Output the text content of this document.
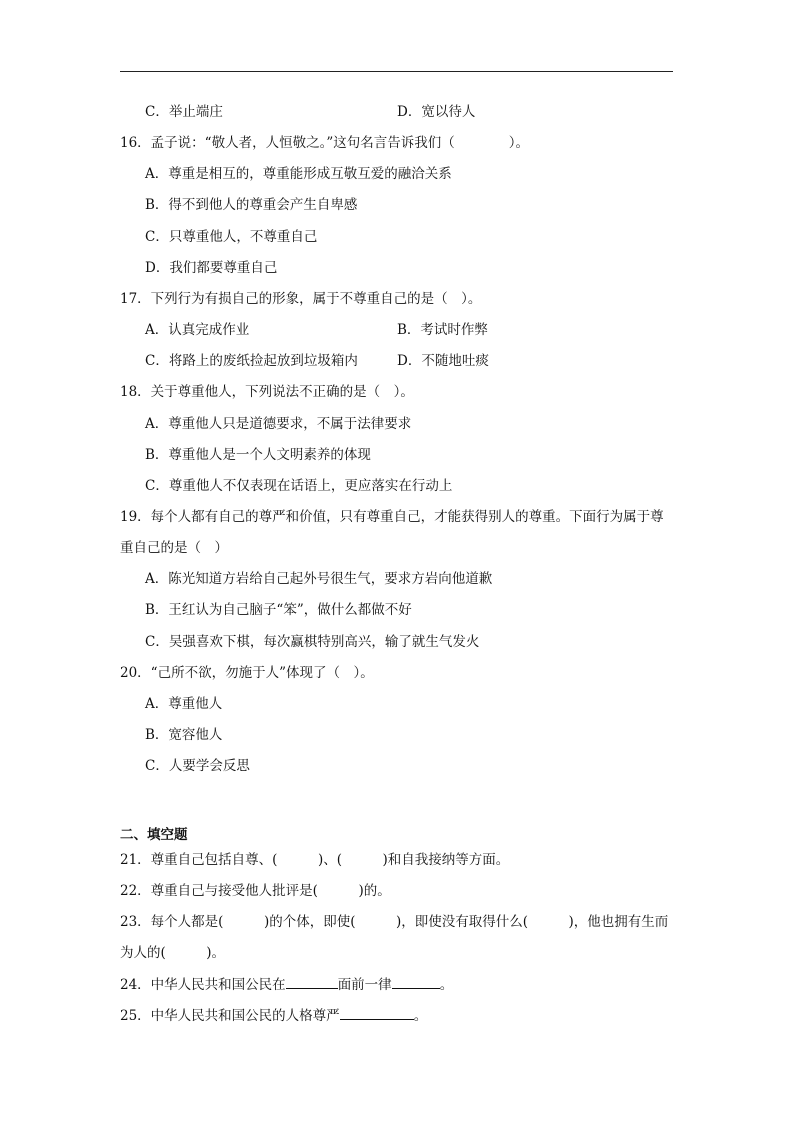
C．举止端庄	D．宽以待人
16．孟子说：“敬人者，人恒敬之。”这句名言告诉我们（　　　　）。
A．尊重是相互的，尊重能形成互敬互爱的融洽关系
B．得不到他人的尊重会产生自卑感
C．只尊重他人，不尊重自己
D．我们都要尊重自己
17．下列行为有损自己的形象，属于不尊重自己的是（　）。
A．认真完成作业	B．考试时作弊
C．将路上的废纸捡起放到垃圾箱内	D．不随地吐痰
18．关于尊重他人，下列说法不正确的是（　）。
A．尊重他人只是道德要求，不属于法律要求
B．尊重他人是一个人文明素养的体现
C．尊重他人不仅表现在话语上，更应落实在行动上
19．每个人都有自己的尊严和价值，只有尊重自己，才能获得别人的尊重。下面行为属于尊
重自己的是（　）
A．陈光知道方岩给自己起外号很生气，要求方岩向他道歉
B．王红认为自己脑子“笨”，做什么都做不好
C．吴强喜欢下棋，每次赢棋特别高兴，输了就生气发火
20．“己所不欲，勿施于人”体现了（　）。
A．尊重他人
B．宽容他人
C．人要学会反思
二、填空题
21．尊重自己包括自尊、(　　　)、(　　　)和自我接纳等方面。
22．尊重自己与接受他人批评是(　　　)的。
23．每个人都是(　　　)的个体，即使(　　　)，即使没有取得什么(　　　)，他也拥有生而
为人的(　　　)。
24．中华人民共和国公民在	面前一律	。
25．中华人民共和国公民的人格尊严	。
